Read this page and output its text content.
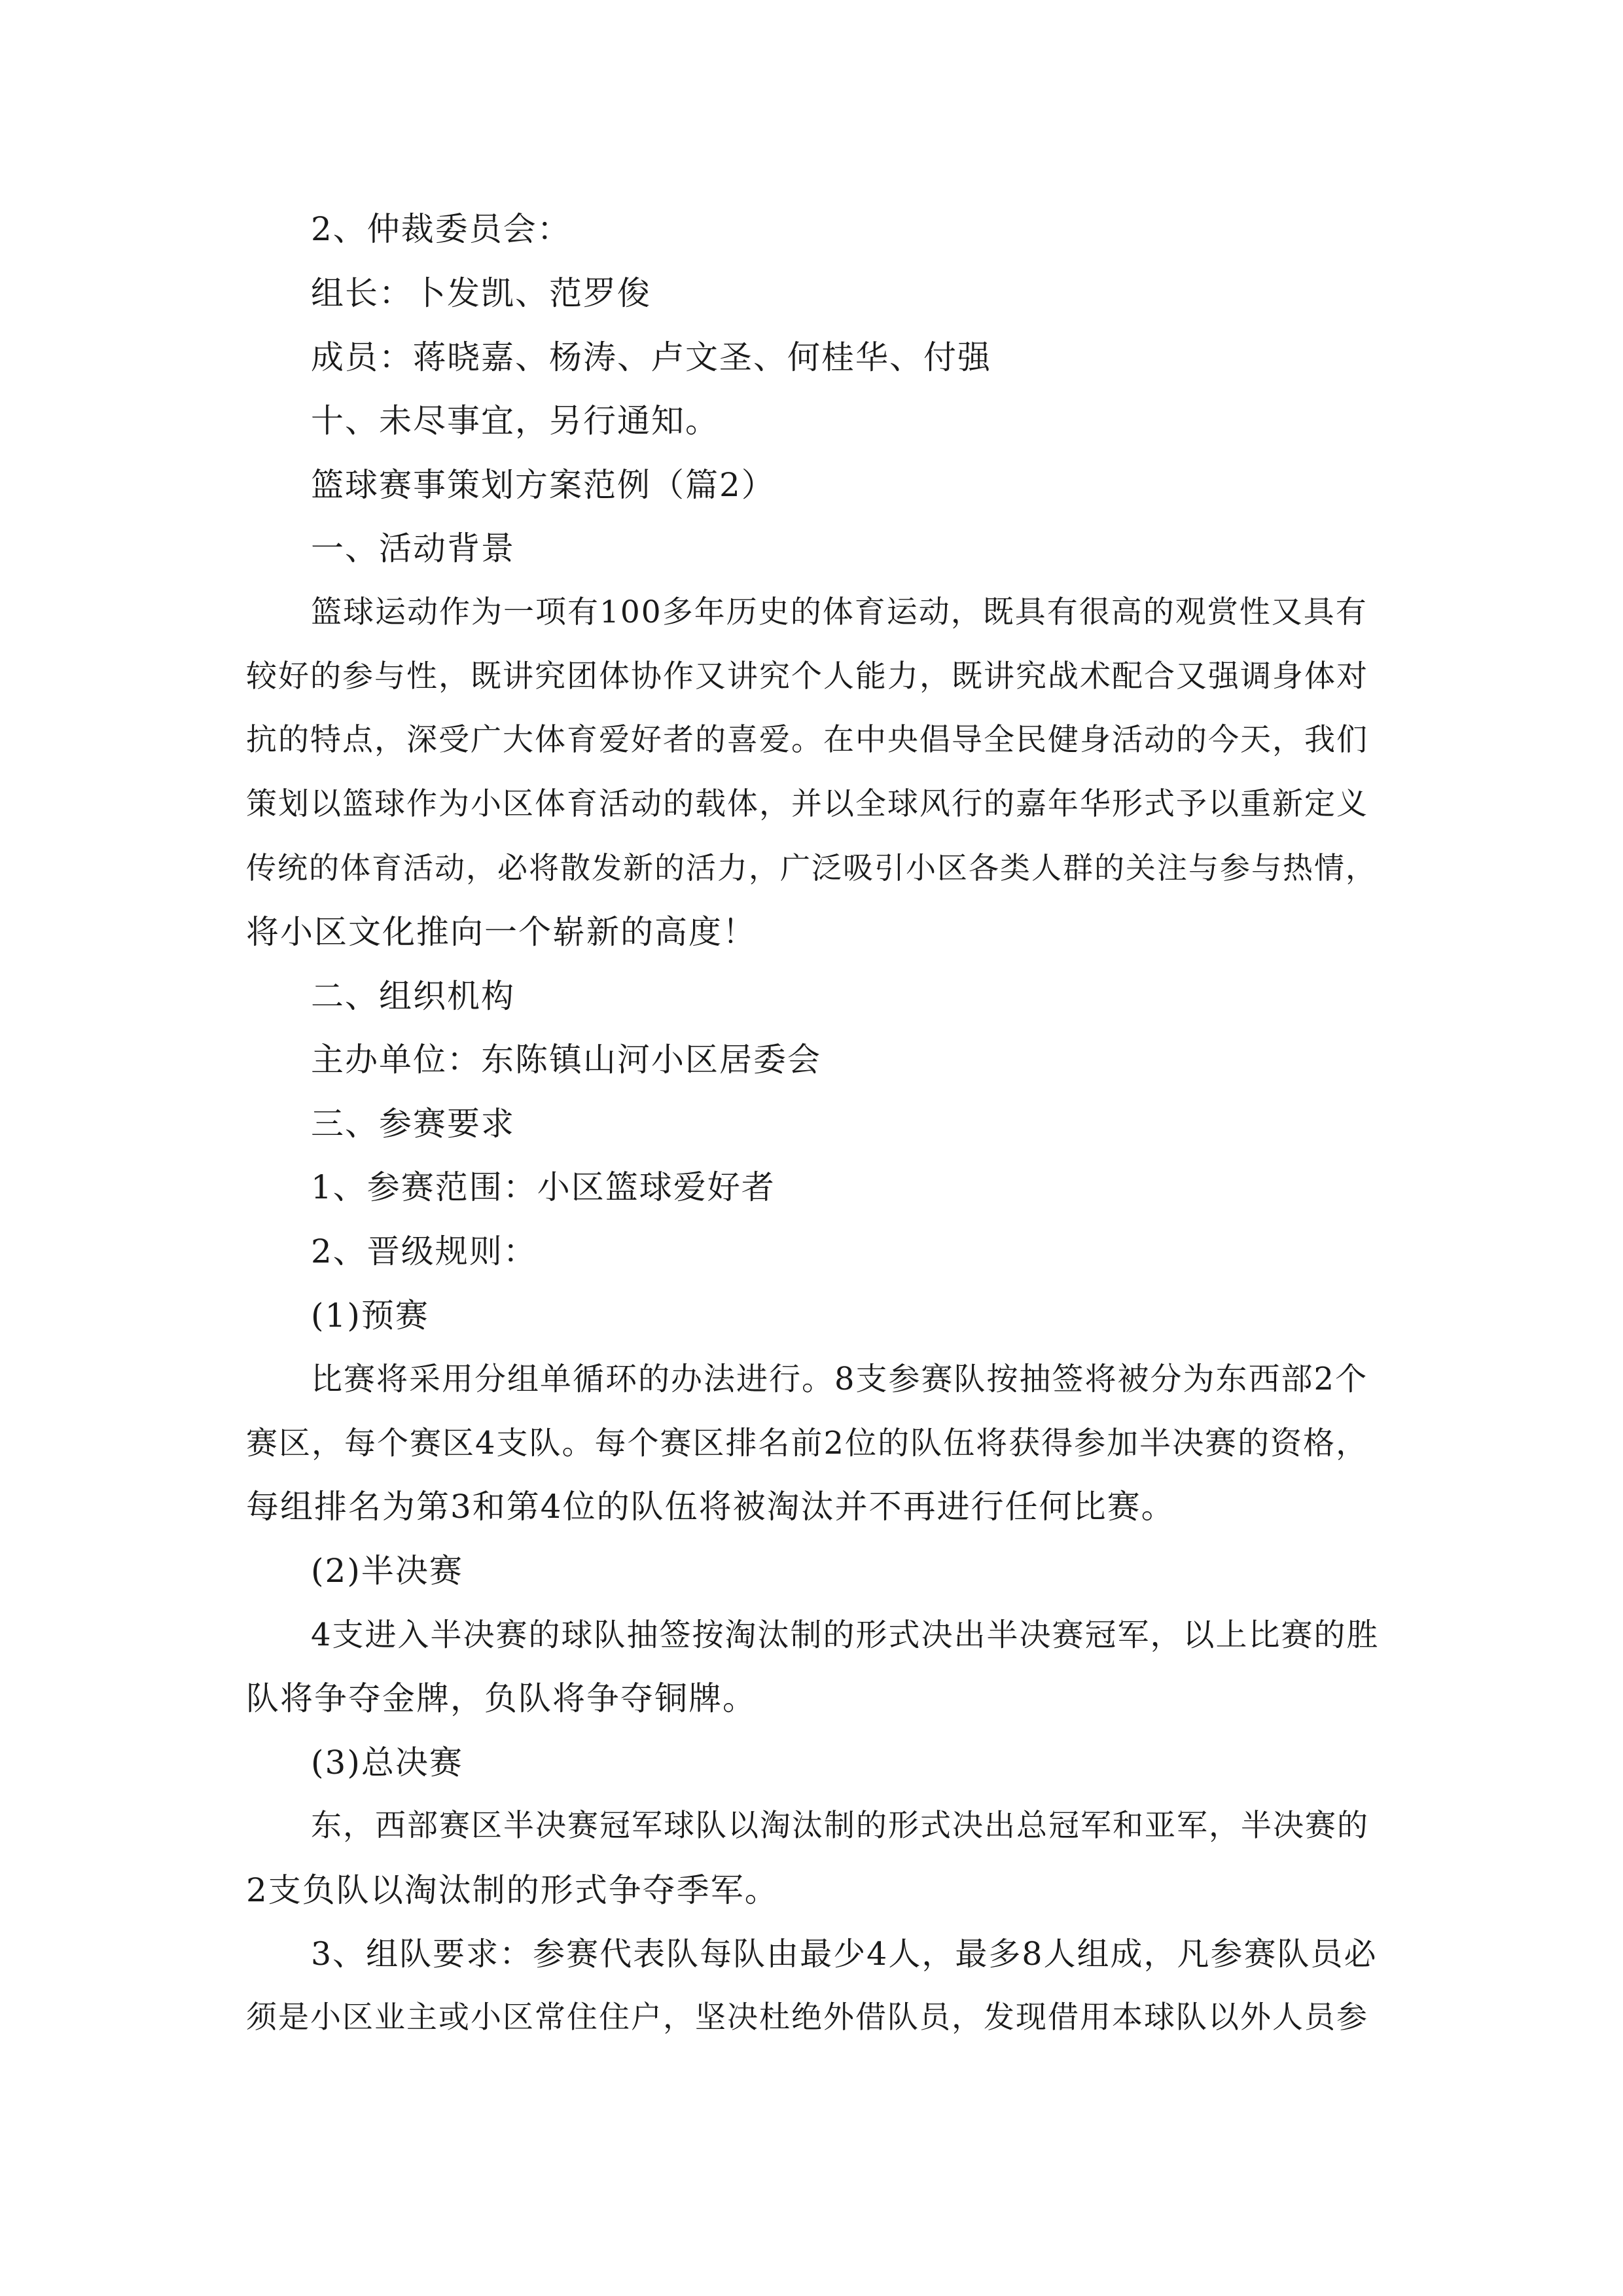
2、仲裁委员会：

组长：卜发凯、范罗俊

成员：蒋晓嘉、杨涛、卢文圣、何桂华、付强

十、未尽事宜，另行通知。

篮球赛事策划方案范例（篇2）

一、活动背景

篮球运动作为一项有100多年历史的体育运动，既具有很高的观赏性又具有

较好的参与性，既讲究团体协作又讲究个人能力，既讲究战术配合又强调身体对

抗的特点，深受广大体育爱好者的喜爱。在中央倡导全民健身活动的今天，我们

策划以篮球作为小区体育活动的载体，并以全球风行的嘉年华形式予以重新定义

传统的体育活动，必将散发新的活力，广泛吸引小区各类人群的关注与参与热情，

将小区文化推向一个崭新的高度！

二、组织机构

主办单位：东陈镇山河小区居委会

三、参赛要求

1、参赛范围：小区篮球爱好者

2、晋级规则：

(1)预赛

比赛将采用分组单循环的办法进行。8支参赛队按抽签将被分为东西部2个

赛区，每个赛区4支队。每个赛区排名前2位的队伍将获得参加半决赛的资格，

每组排名为第3和第4位的队伍将被淘汰并不再进行任何比赛。

(2)半决赛

4支进入半决赛的球队抽签按淘汰制的形式决出半决赛冠军，以上比赛的胜

队将争夺金牌，负队将争夺铜牌。

(3)总决赛

东，西部赛区半决赛冠军球队以淘汰制的形式决出总冠军和亚军，半决赛的

2支负队以淘汰制的形式争夺季军。

3、组队要求：参赛代表队每队由最少4人，最多8人组成，凡参赛队员必

须是小区业主或小区常住住户，坚决杜绝外借队员，发现借用本球队以外人员参
